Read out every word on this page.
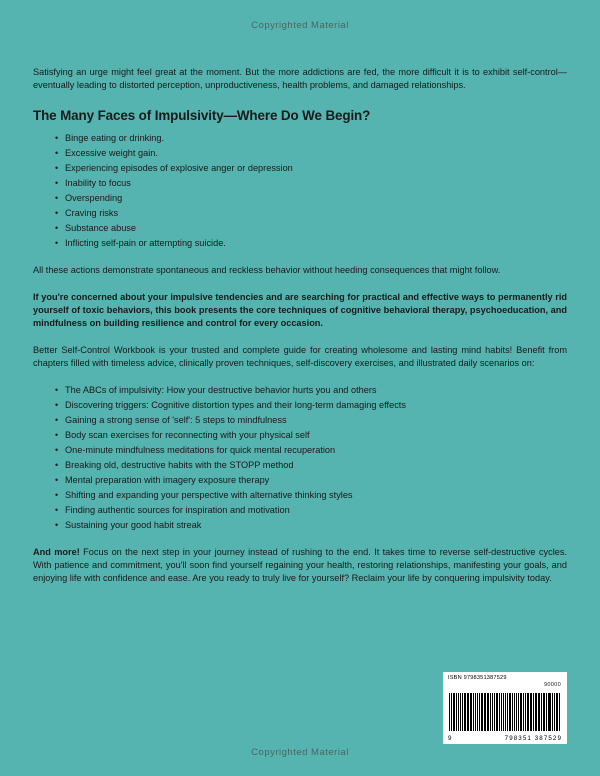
Copyrighted Material

Satisfying an urge might feel great at the moment. But the more addictions are fed, the more difficult it is to exhibit self-control—eventually leading to distorted perception, unproductiveness, health problems, and damaged relationships.

The Many Faces of Impulsivity—Where Do We Begin?
• Binge eating or drinking.
• Excessive weight gain.
• Experiencing episodes of explosive anger or depression
• Inability to focus
• Overspending
• Craving risks
• Substance abuse
• Inflicting self-pain or attempting suicide.

All these actions demonstrate spontaneous and reckless behavior without heeding consequences that might follow.

If you're concerned about your impulsive tendencies and are searching for practical and effective ways to permanently rid yourself of toxic behaviors, this book presents the core techniques of cognitive behavioral therapy, psychoeducation, and mindfulness on building resilience and control for every occasion.

Better Self-Control Workbook is your trusted and complete guide for creating wholesome and lasting mind habits! Benefit from chapters filled with timeless advice, clinically proven techniques, self-discovery exercises, and illustrated daily scenarios on:

• The ABCs of impulsivity: How your destructive behavior hurts you and others
• Discovering triggers: Cognitive distortion types and their long-term damaging effects
• Gaining a strong sense of 'self': 5 steps to mindfulness
• Body scan exercises for reconnecting with your physical self
• One-minute mindfulness meditations for quick mental recuperation
• Breaking old, destructive habits with the STOPP method
• Mental preparation with imagery exposure therapy
• Shifting and expanding your perspective with alternative thinking styles
• Finding authentic sources for inspiration and motivation
• Sustaining your good habit streak

And more! Focus on the next step in your journey instead of rushing to the end. It takes time to reverse self-destructive cycles. With patience and commitment, you'll soon find yourself regaining your health, restoring relationships, manifesting your goals, and enjoying life with confidence and ease. Are you ready to truly live for yourself? Reclaim your life by conquering impulsivity today.

ISBN 9798351387529
90000
9	798351 387529
Copyrighted Material
